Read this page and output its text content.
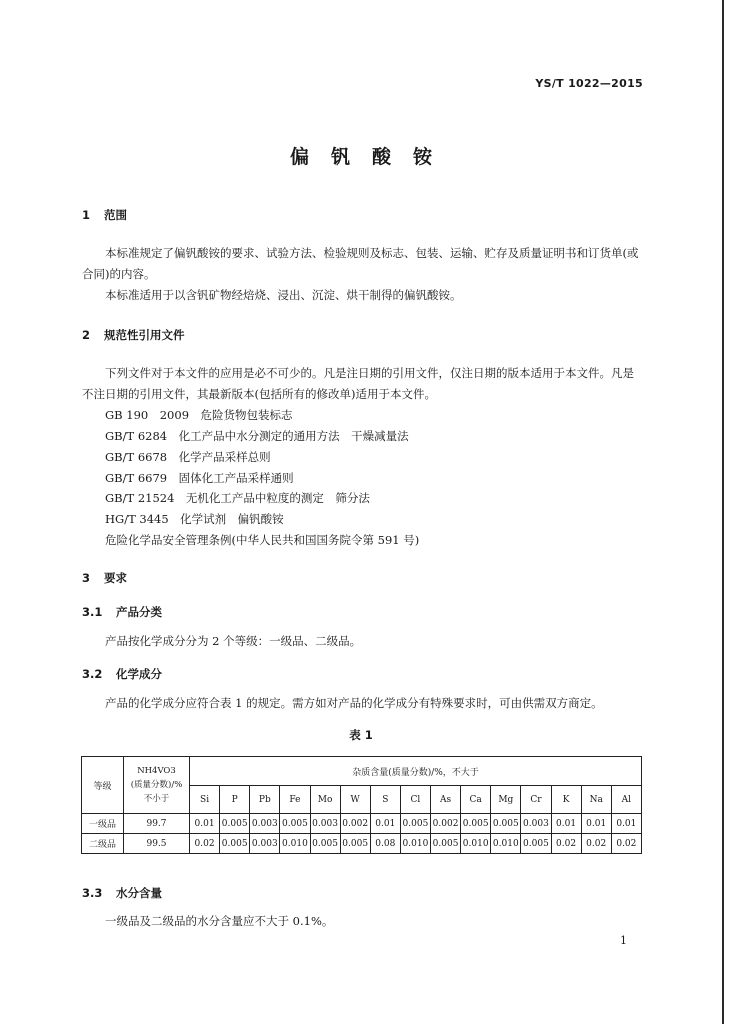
YS/T 1022—2015
偏钒酸铵
1 范围
本标准规定了偏钒酸铵的要求、试验方法、检验规则及标志、包装、运输、贮存及质量证明书和订货单(或合同)的内容。
本标准适用于以含钒矿物经焙烧、浸出、沉淀、烘干制得的偏钒酸铵。
2 规范性引用文件
下列文件对于本文件的应用是必不可少的。凡是注日期的引用文件，仅注日期的版本适用于本文件。凡是不注日期的引用文件，其最新版本(包括所有的修改单)适用于本文件。
GB 190　2009　危险货物包装标志
GB/T 6284　化工产品中水分测定的通用方法　干燥减量法
GB/T 6678　化学产品采样总则
GB/T 6679　固体化工产品采样通则
GB/T 21524　无机化工产品中粒度的测定　筛分法
HG/T 3445　化学试剂　偏钒酸铵
危险化学品安全管理条例(中华人民共和国国务院令第 591 号)
3 要求
3.1 产品分类
产品按化学成分分为 2 个等级：一级品、二级品。
3.2 化学成分
产品的化学成分应符合表 1 的规定。需方如对产品的化学成分有特殊要求时，可由供需双方商定。
表 1
等级	NH4VO3
(质量分数)/%
不小于	杂质含量(质量分数)/%，不大于														
		Si	P	Pb	Fe	Mo	W	S	Cl	As	Ca	Mg	Cr	K	Na	Al
一级品	99.7	0.01	0.005	0.003	0.005	0.003	0.002	0.01	0.005	0.002	0.005	0.005	0.003	0.01	0.01	0.01
二级品	99.5	0.02	0.005	0.003	0.010	0.005	0.005	0.08	0.010	0.005	0.010	0.010	0.005	0.02	0.02	0.02
3.3 水分含量
一级品及二级品的水分含量应不大于 0.1%。
1
